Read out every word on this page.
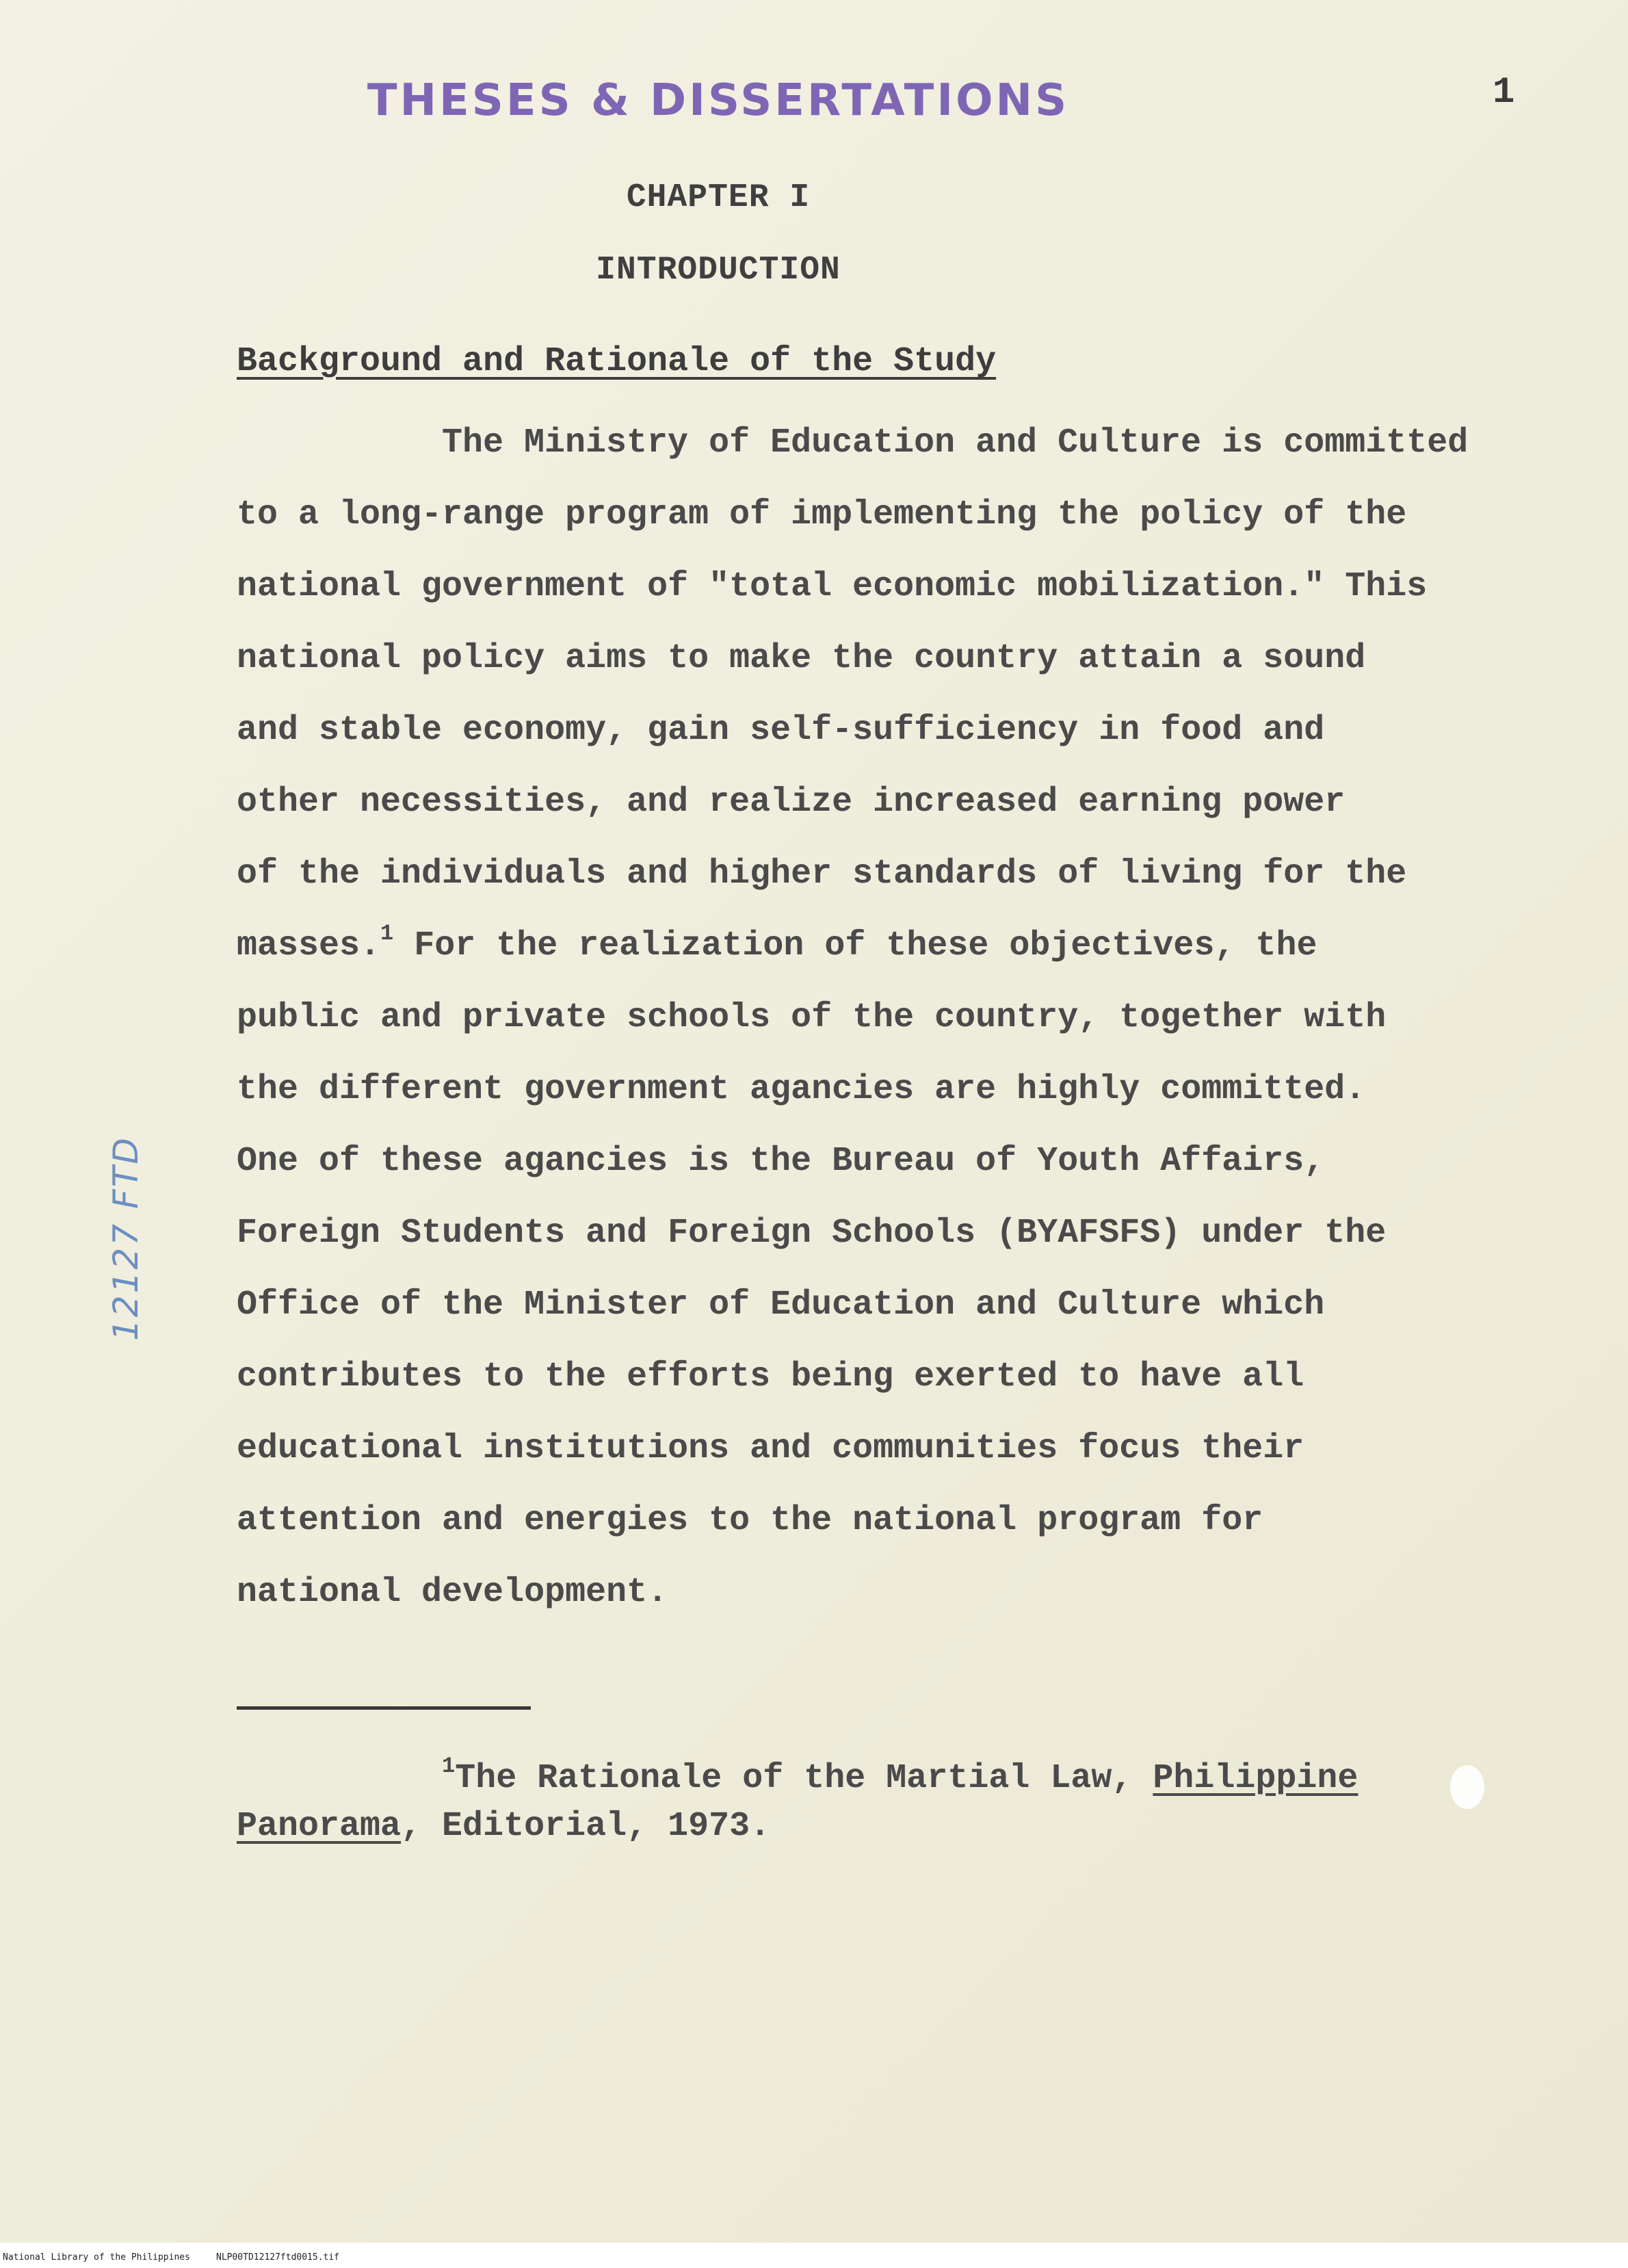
THESES & DISSERTATIONS	1
CHAPTER I
INTRODUCTION
Background and Rationale of the Study
The Ministry of Education and Culture is committed
to a long-range program of implementing the policy of the
national government of "total economic mobilization." This
national policy aims to make the country attain a sound
and stable economy, gain self-sufficiency in food and
other necessities, and realize increased earning power
of the individuals and higher standards of living for the
masses.$^1$ For the realization of these objectives, the
public and private schools of the country, together with
the different government agancies are highly committed.
One of these agancies is the Bureau of Youth Affairs,
Foreign Students and Foreign Schools (BYAFSFS) under the
Office of the Minister of Education and Culture which
contributes to the efforts being exerted to have all
educational institutions and communities focus their
attention and energies to the national program for
national development.
$^1$The Rationale of the Martial Law, Philippine
Panorama, Editorial, 1973.
12127 FTD
National Library of the Philippines	NLP00TD12127ftd0015.tif
